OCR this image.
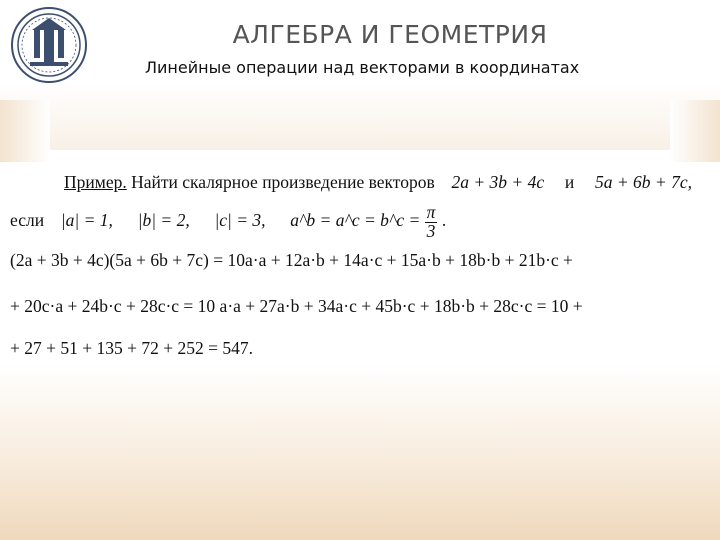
АЛГЕБРА И ГЕОМЕТРИЯ
Линейные операции над векторами в координатах
Пример. Найти скалярное произведение векторов 2a + 3b + 4c и 5a + 6b + 7c,
если |a| = 1, |b| = 2, |c| = 3, a^b = a^c = b^c = $\frac{\pi}{3}$ .
(2a + 3b + 4c)(5a + 6b + 7c) = 10a·a + 12a·b + 14a·c + 15a·b + 18b·b + 21b·c +
+ 20c·a + 24b·c + 28c·c = 10 a·a + 27a·b + 34a·c + 45b·c + 18b·b + 28c·c = 10 +
+ 27 + 51 + 135 + 72 + 252 = 547.
